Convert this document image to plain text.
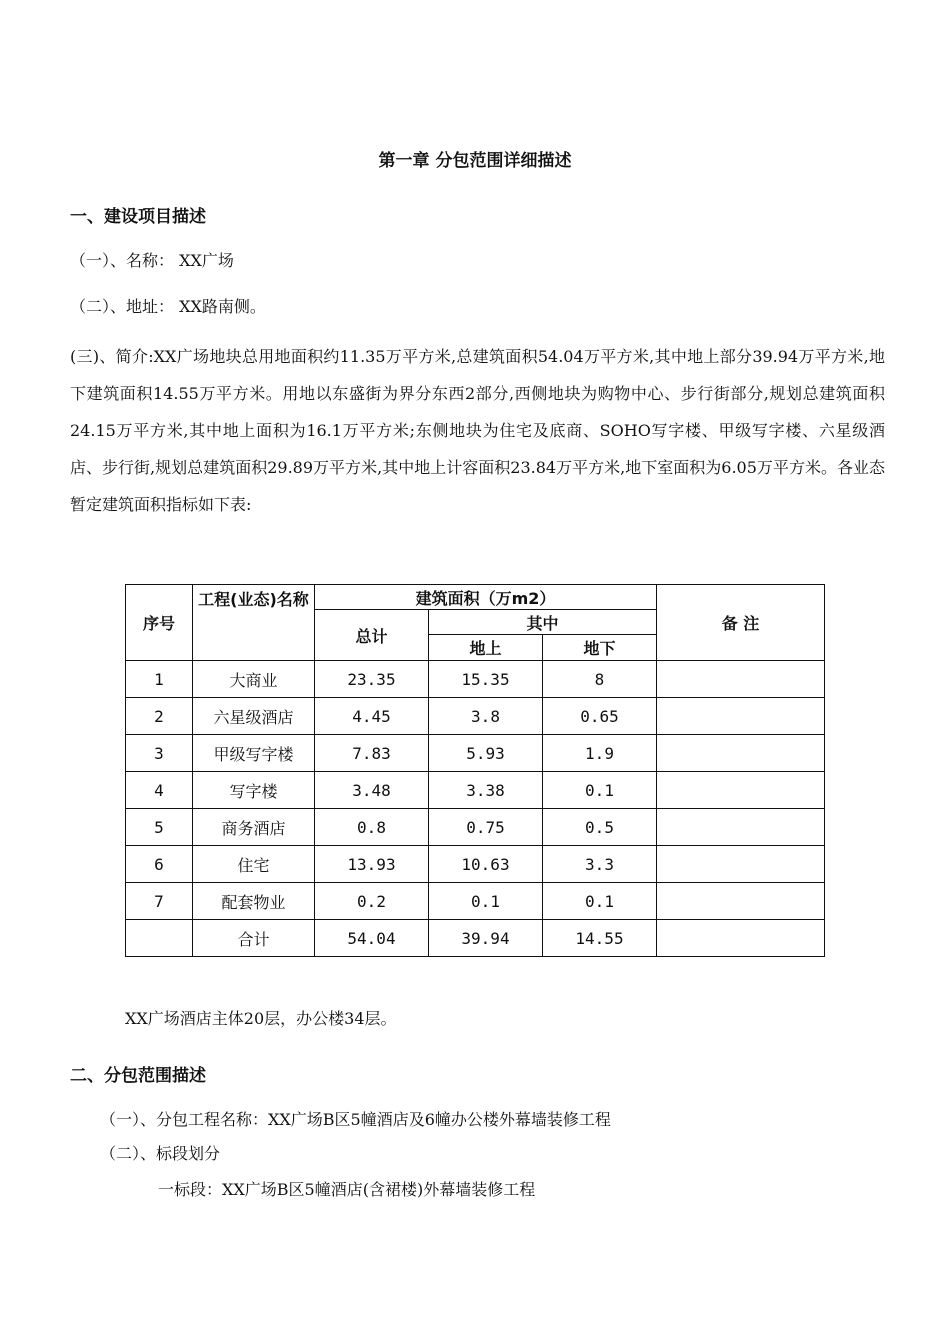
第一章 分包范围详细描述
一、建设项目描述
（一）、名称： XX广场
（二）、地址： XX路南侧。
(三)、简介:XX广场地块总用地面积约11.35万平方米,总建筑面积54.04万平方米,其中地上部分39.94万平方米,地下建筑面积14.55万平方米。用地以东盛街为界分东西2部分,西侧地块为购物中心、步行街部分,规划总建筑面积24.15万平方米,其中地上面积为16.1万平方米;东侧地块为住宅及底商、SOHO写字楼、甲级写字楼、六星级酒店、步行街,规划总建筑面积29.89万平方米,其中地上计容面积23.84万平方米,地下室面积为6.05万平方米。各业态暂定建筑面积指标如下表:
序号	工程(业态)名称	建筑面积（万m2）			备 注
		总计	其中		
			地上	地下	
1	大商业	23.35	15.35	8	
2	六星级酒店	4.45	3.8	0.65	
3	甲级写字楼	7.83	5.93	1.9	
4	写字楼	3.48	3.38	0.1	
5	商务酒店	0.8	0.75	0.5	
6	住宅	13.93	10.63	3.3	
7	配套物业	0.2	0.1	0.1	
	合计	54.04	39.94	14.55	
XX广场酒店主体20层，办公楼34层。
二、分包范围描述
（一）、分包工程名称：XX广场B区5幢酒店及6幢办公楼外幕墙装修工程
（二）、标段划分
一标段：XX广场B区5幢酒店(含裙楼)外幕墙装修工程
